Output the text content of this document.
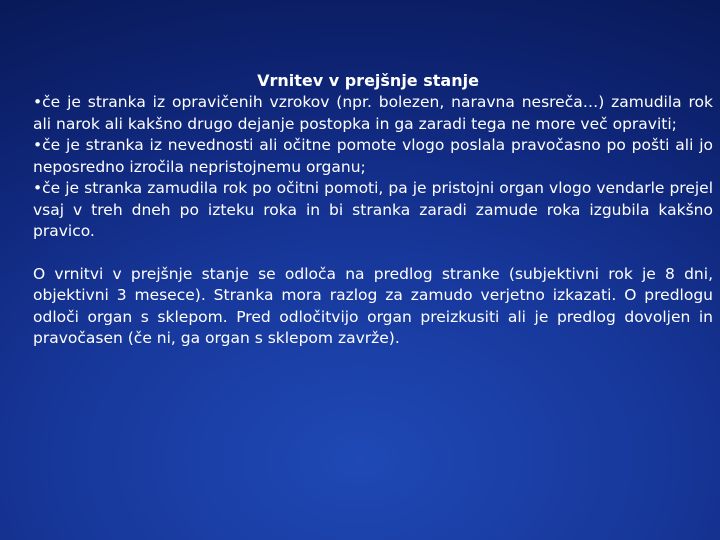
Vrnitev v prejšnje stanje

•če je stranka iz opravičenih vzrokov (npr. bolezen, naravna nesreča…) zamudila rok ali narok ali kakšno drugo dejanje postopka in ga zaradi tega ne more več opraviti;

•če je stranka iz nevednosti ali očitne pomote vlogo poslala pravočasno po pošti ali jo neposredno izročila nepristojnemu organu;

•če je stranka zamudila rok po očitni pomoti, pa je pristojni organ vlogo vendarle prejel vsaj v treh dneh po izteku roka in bi stranka zaradi zamude roka izgubila kakšno pravico.

O vrnitvi v prejšnje stanje se odloča na predlog stranke (subjektivni rok je 8 dni, objektivni 3 mesece). Stranka mora razlog za zamudo verjetno izkazati. O predlogu odloči organ s sklepom. Pred odločitvijo organ preizkusiti ali je predlog dovoljen in pravočasen (če ni, ga organ s sklepom zavrže).
